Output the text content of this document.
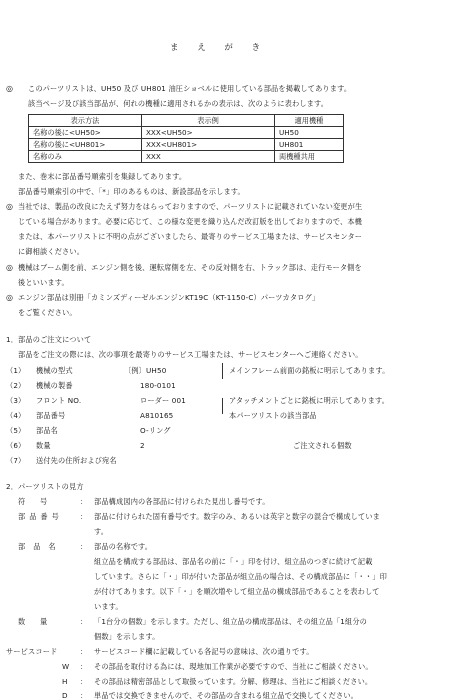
ま え が き
◎ このパーツリストは、UH50 及び UH801 油圧ショベルに使用している部品を掲載してあります。
該当ページ及び該当部品が、何れの機種に適用されるかの表示は、次のように表わします。
表示方法	表示例	適用機種
名称の後に<UH50>	XXX<UH50>	UH50
名称の後に<UH801>	XXX<UH801>	UH801
名称のみ	XXX	両機種共用
また、巻末に部品番号順索引を集録してあります。
部品番号順索引の中で、「*」印のあるものは、新設部品を示します。
◎ 当社では、製品の改良にたえず努力をはらっておりますので、パーツリストに記載されていない変更が生
じている場合があります。必要に応じて、この様な変更を織り込んだ改訂版を出しておりますので、本機
または、本パーツリストに不明の点がございましたら、最寄りのサービス工場または、サービスセンター
に御相談ください。
◎ 機械はブーム側を前、エンジン側を後、運転席側を左、その反対側を右、トラック部は、走行モータ側を
後といいます。
◎ エンジン部品は別冊「カミンズディーゼルエンジンKT19C（KT-1150-C）パーツカタログ」
をご覧ください。
1．部品のご注文について
部品をご注文の際には、次の事項を最寄りのサービス工場または、サービスセンターへご連絡ください。
（1） 機械の型式	〔例〕UH50	メインフレーム前面の銘板に明示してあります。
（2） 機械の製番	180-0101
（3） フロント NO.	ローダー 001	アタッチメントごとに銘板に明示してあります。
（4） 部品番号	A810165	本パーツリストの該当部品
（5） 部品名	O-リング
（6） 数量	2	ご注文される個数
（7） 送付先の住所および宛名
2．パーツリストの見方
符　　号	： 部品構成図内の各部品に付けられた見出し番号です。
部品番号 ： 部品に付けられた固有番号です。数字のみ、あるいは英字と数字の混合で構成していま
す。
部品名 ： 部品の名称です。
組立品を構成する部品は、部品名の前に「・」印を付け、組立品のつぎに続けて記載
しています。さらに「・」印が付いた部品が組立品の場合は、その構成部品に「・・」印
が付けてあります。以下「・」を順次増やして組立品の構成部品であることを表わして
います。
数　　量	： 「1台分の個数」を示します。ただし、組立品の構成部品は、その組立品「1組分の
個数」を示します。
サービスコード	： サービスコード欄に記載している各記号の意味は、次の通りです。
W ： その部品を取付ける為には、現地加工作業が必要ですので、当社にご相談ください。
H ： その部品は精密部品として取扱っています。分解、修理は、当社にご相談ください。
D ： 単品では交換できませんので、その部品の含まれる組立品で交換してください。
